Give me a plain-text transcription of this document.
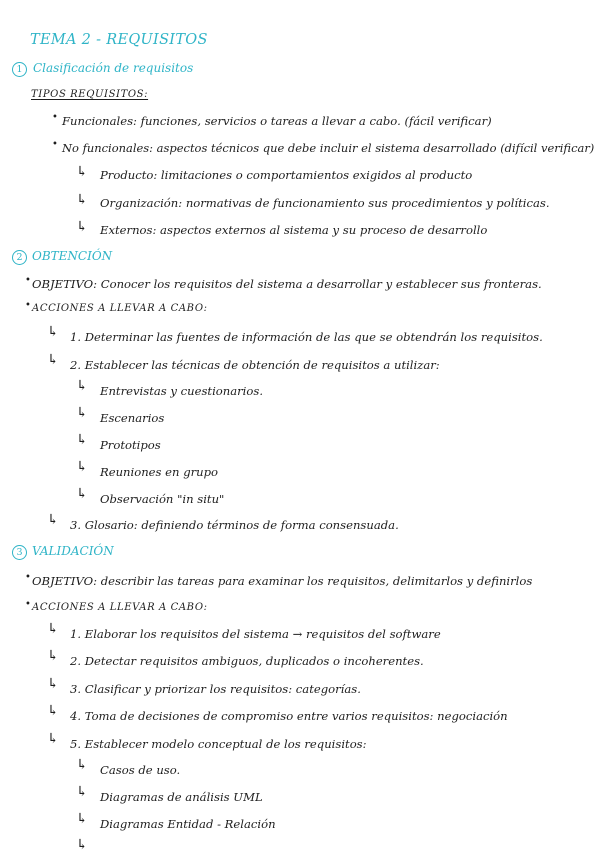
TEMA 2 - REQUISITOS
1 Clasificación de requisitos
TIPOS REQUISITOS:
• Funcionales: funciones, servicios o tareas a llevar a cabo. (fácil verificar)
• No funcionales: aspectos técnicos que debe incluir el sistema desarrollado (difícil verificar)
↳ Producto: limitaciones o comportamientos exigidos al producto
↳ Organización: normativas de funcionamiento sus procedimientos y políticas.
↳ Externos: aspectos externos al sistema y su proceso de desarrollo
2 OBTENCIÓN
• OBJETIVO: Conocer los requisitos del sistema a desarrollar y establecer sus fronteras.
• ACCIONES A LLEVAR A CABO:
↳ 1. Determinar las fuentes de información de las que se obtendrán los requisitos.
↳ 2. Establecer las técnicas de obtención de requisitos a utilizar:
↳ Entrevistas y cuestionarios.
↳ Escenarios
↳ Prototipos
↳ Reuniones en grupo
↳ Observación "in situ"
↳ 3. Glosario: definiendo términos de forma consensuada.
3 VALIDACIÓN
• OBJETIVO: describir las tareas para examinar los requisitos, delimitarlos y definirlos
• ACCIONES A LLEVAR A CABO:
↳ 1. Elaborar los requisitos del sistema → requisitos del software
↳ 2. Detectar requisitos ambiguos, duplicados o incoherentes.
↳ 3. Clasificar y priorizar los requisitos: categorías.
↳ 4. Toma de decisiones de compromiso entre varios requisitos: negociación
↳ 5. Establecer modelo conceptual de los requisitos:
↳ Casos de uso.
↳ Diagramas de análisis UML
↳ Diagramas Entidad - Relación
↳
